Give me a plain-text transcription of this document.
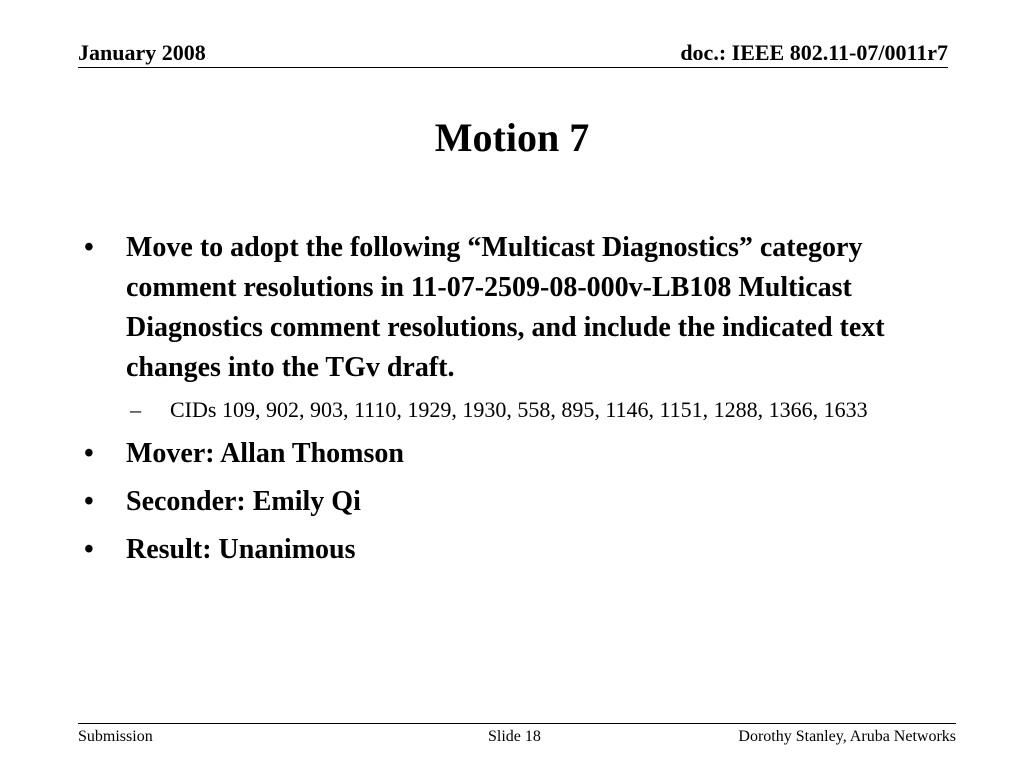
January 2008	doc.: IEEE 802.11-07/0011r7
Motion 7
•	Move to adopt the following “Multicast Diagnostics” category comment resolutions in 11-07-2509-08-000v-LB108 Multicast Diagnostics comment resolutions, and include the indicated text changes into the TGv draft.
– CIDs 109, 902, 903, 1110, 1929, 1930, 558, 895, 1146, 1151, 1288, 1366, 1633
•	Mover: Allan Thomson
•	Seconder: Emily Qi
•	Result: Unanimous
Submission	Slide 18	Dorothy Stanley, Aruba Networks
